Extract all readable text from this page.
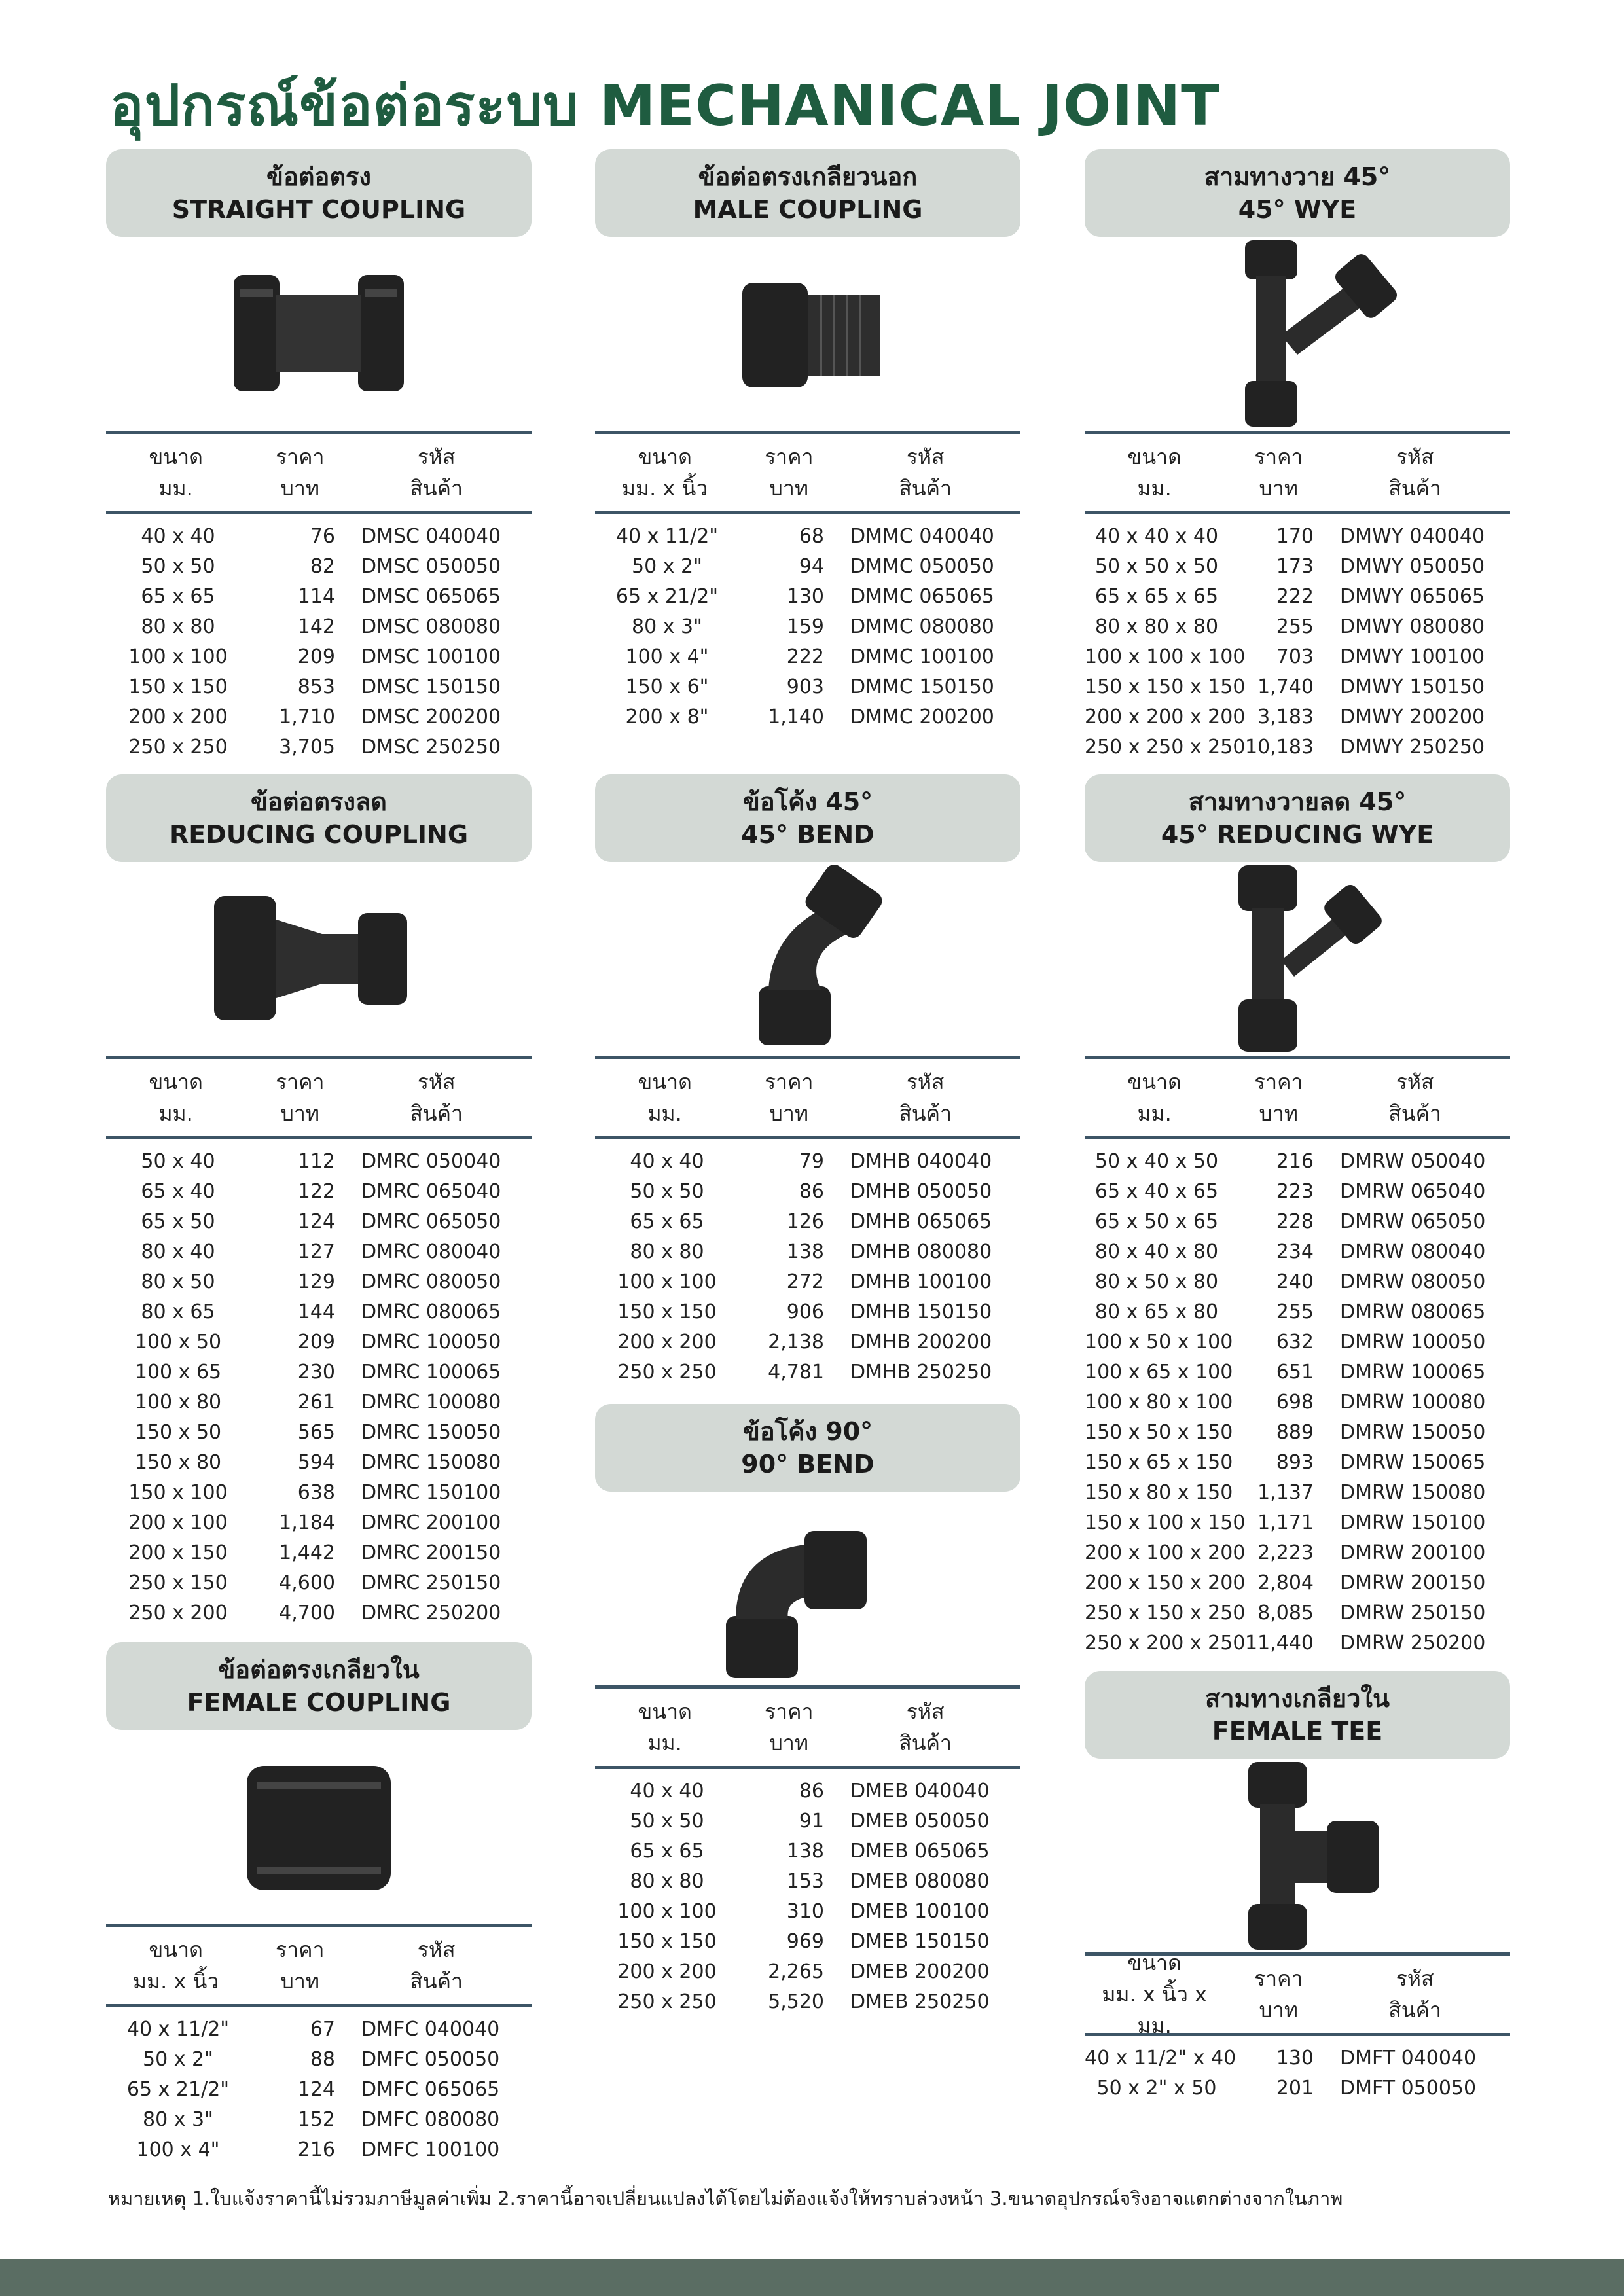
อุปกรณ์ข้อต่อระบบ MECHANICAL JOINT
ข้อต่อตรง
STRAIGHT COUPLING
ขนาด
มม.
ราคา
บาท
รหัส
สินค้า
40 x 40	76	DMSC 040040
50 x 50	82	DMSC 050050
65 x 65	114	DMSC 065065
80 x 80	142	DMSC 080080
100 x 100	209	DMSC 100100
150 x 150	853	DMSC 150150
200 x 200	1,710	DMSC 200200
250 x 250	3,705	DMSC 250250
ข้อต่อตรงลด
REDUCING COUPLING
ขนาด
มม.
ราคา
บาท
รหัส
สินค้า
50 x 40	112	DMRC 050040
65 x 40	122	DMRC 065040
65 x 50	124	DMRC 065050
80 x 40	127	DMRC 080040
80 x 50	129	DMRC 080050
80 x 65	144	DMRC 080065
100 x 50	209	DMRC 100050
100 x 65	230	DMRC 100065
100 x 80	261	DMRC 100080
150 x 50	565	DMRC 150050
150 x 80	594	DMRC 150080
150 x 100	638	DMRC 150100
200 x 100	1,184	DMRC 200100
200 x 150	1,442	DMRC 200150
250 x 150	4,600	DMRC 250150
250 x 200	4,700	DMRC 250200
ข้อต่อตรงเกลียวใน
FEMALE COUPLING
ขนาด
มม. x นิ้ว
ราคา
บาท
รหัส
สินค้า
40 x 11/2"	67	DMFC 040040
50 x 2"	88	DMFC 050050
65 x 21/2"	124	DMFC 065065
80 x 3"	152	DMFC 080080
100 x 4"	216	DMFC 100100
ข้อต่อตรงเกลียวนอก
MALE COUPLING
ขนาด
มม. x นิ้ว
ราคา
บาท
รหัส
สินค้า
40 x 11/2"	68	DMMC 040040
50 x 2"	94	DMMC 050050
65 x 21/2"	130	DMMC 065065
80 x 3"	159	DMMC 080080
100 x 4"	222	DMMC 100100
150 x 6"	903	DMMC 150150
200 x 8"	1,140	DMMC 200200
ข้อโค้ง 45°
45° BEND
ขนาด
มม.
ราคา
บาท
รหัส
สินค้า
40 x 40	79	DMHB 040040
50 x 50	86	DMHB 050050
65 x 65	126	DMHB 065065
80 x 80	138	DMHB 080080
100 x 100	272	DMHB 100100
150 x 150	906	DMHB 150150
200 x 200	2,138	DMHB 200200
250 x 250	4,781	DMHB 250250
ข้อโค้ง 90°
90° BEND
ขนาด
มม.
ราคา
บาท
รหัส
สินค้า
40 x 40	86	DMEB 040040
50 x 50	91	DMEB 050050
65 x 65	138	DMEB 065065
80 x 80	153	DMEB 080080
100 x 100	310	DMEB 100100
150 x 150	969	DMEB 150150
200 x 200	2,265	DMEB 200200
250 x 250	5,520	DMEB 250250
สามทางวาย 45°
45° WYE
ขนาด
มม.
ราคา
บาท
รหัส
สินค้า
40 x 40 x 40	170	DMWY 040040
50 x 50 x 50	173	DMWY 050050
65 x 65 x 65	222	DMWY 065065
80 x 80 x 80	255	DMWY 080080
100 x 100 x 100	703	DMWY 100100
150 x 150 x 150 1,740	DMWY 150150
200 x 200 x 200 3,183	DMWY 200200
250 x 250 x 250 10,183	DMWY 250250
สามทางวายลด 45°
45° REDUCING WYE
ขนาด
มม.
ราคา
บาท
รหัส
สินค้า
50 x 40 x 50	216	DMRW 050040
65 x 40 x 65	223	DMRW 065040
65 x 50 x 65	228	DMRW 065050
80 x 40 x 80	234	DMRW 080040
80 x 50 x 80	240	DMRW 080050
80 x 65 x 80	255	DMRW 080065
100 x 50 x 100	632	DMRW 100050
100 x 65 x 100	651	DMRW 100065
100 x 80 x 100	698	DMRW 100080
150 x 50 x 150	889	DMRW 150050
150 x 65 x 150	893	DMRW 150065
150 x 80 x 150	1,137	DMRW 150080
150 x 100 x 150 1,171	DMRW 150100
200 x 100 x 200 2,223	DMRW 200100
200 x 150 x 200 2,804	DMRW 200150
250 x 150 x 250 8,085	DMRW 250150
250 x 200 x 250 11,440	DMRW 250200
สามทางเกลียวใน
FEMALE TEE
ขนาด
มม. x นิ้ว x มม.
ราคา
บาท
รหัส
สินค้า
40 x 11/2" x 40	130	DMFT 040040
50 x 2" x 50	201	DMFT 050050
หมายเหตุ 1.ใบแจ้งราคานี้ไม่รวมภาษีมูลค่าเพิ่ม 2.ราคานี้อาจเปลี่ยนแปลงได้โดยไม่ต้องแจ้งให้ทราบล่วงหน้า 3.ขนาดอุปกรณ์จริงอาจแตกต่างจากในภาพ
